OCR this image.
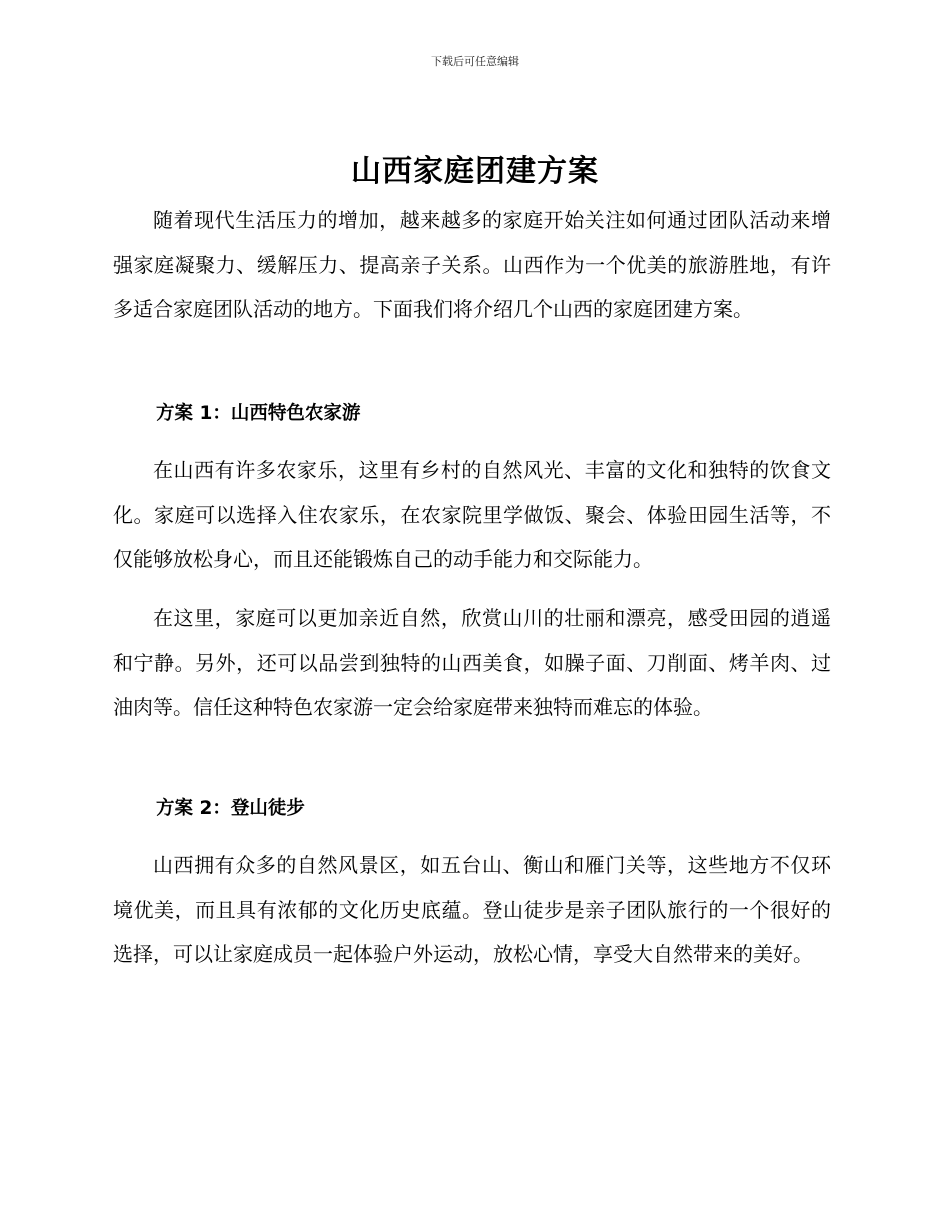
下载后可任意编辑
山西家庭团建方案

随着现代生活压力的增加，越来越多的家庭开始关注如何通过团队活动来增强家庭凝聚力、缓解压力、提高亲子关系。山西作为一个优美的旅游胜地，有许多适合家庭团队活动的地方。下面我们将介绍几个山西的家庭团建方案。

方案 1：山西特色农家游

在山西有许多农家乐，这里有乡村的自然风光、丰富的文化和独特的饮食文化。家庭可以选择入住农家乐，在农家院里学做饭、聚会、体验田园生活等，不仅能够放松身心，而且还能锻炼自己的动手能力和交际能力。

在这里，家庭可以更加亲近自然，欣赏山川的壮丽和漂亮，感受田园的逍遥和宁静。另外，还可以品尝到独特的山西美食，如臊子面、刀削面、烤羊肉、过油肉等。信任这种特色农家游一定会给家庭带来独特而难忘的体验。

方案 2：登山徒步

山西拥有众多的自然风景区，如五台山、衡山和雁门关等，这些地方不仅环境优美，而且具有浓郁的文化历史底蕴。登山徒步是亲子团队旅行的一个很好的选择，可以让家庭成员一起体验户外运动，放松心情，享受大自然带来的美好。
